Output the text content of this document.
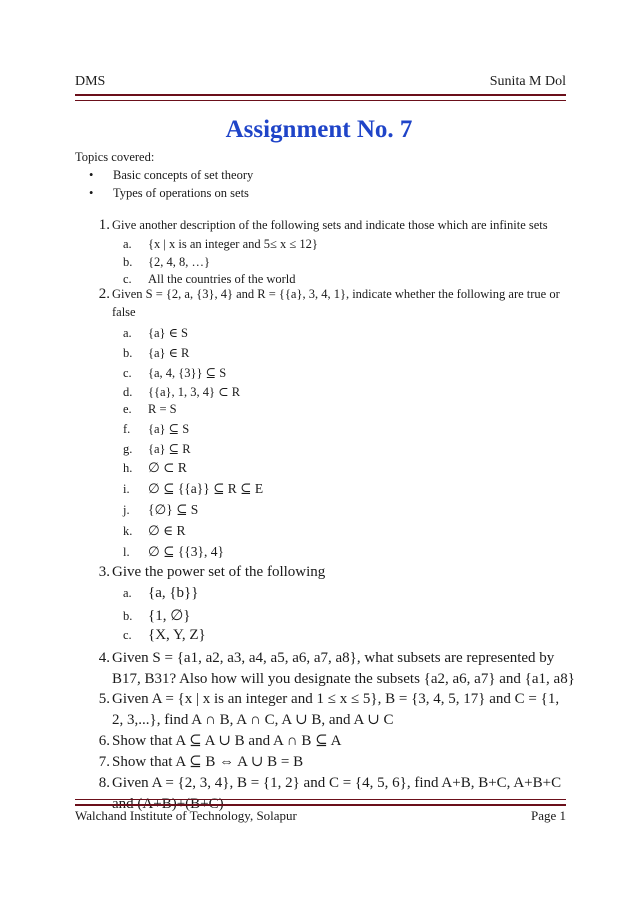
DMS	Sunita M Dol
Assignment No. 7
Topics covered:
• Basic concepts of set theory
• Types of operations on sets
1. Give another description of the following sets and indicate those which are infinite sets
a. {x | x is an integer and 5≤ x ≤ 12}
b. {2, 4, 8, …}
c. All the countries of the world
2. Given S = {2, a, {3}, 4} and R = {{a}, 3, 4, 1}, indicate whether the following are true or
false
a. {a} ∈ S
b. {a} ∈ R
c. {a, 4, {3}} ⊆ S
d. {{a}, 1, 3, 4} ⊂ R
e. R = S
f. {a} ⊆ S
g. {a} ⊆ R
h. ∅ ⊂ R
i. ∅ ⊆ {{a}} ⊆ R ⊆ E
j. {∅} ⊆ S
k. ∅ ∈ R
l. ∅ ⊆ {{3}, 4}
3. Give the power set of the following
a. {a, {b}}
b. {1, ∅}
c. {X, Y, Z}
4. Given S = {a1, a2, a3, a4, a5, a6, a7, a8}, what subsets are represented by
B17, B31? Also how will you designate the subsets {a2, a6, a7} and {a1, a8}
5. Given A = {x | x is an integer and 1 ≤ x ≤ 5}, B = {3, 4, 5, 17} and C = {1,
2, 3,...}, find A ∩ B, A ∩ C, A ∪ B, and A ∪ C
6. Show that A ⊆ A ∪ B and A ∩ B ⊆ A
7. Show that A ⊆ B ⇔ A ∪ B = B
8. Given A = {2, 3, 4}, B = {1, 2} and C = {4, 5, 6}, find A+B, B+C, A+B+C
and (A+B)+(B+C)
Walchand Institute of Technology, Solapur	Page 1
